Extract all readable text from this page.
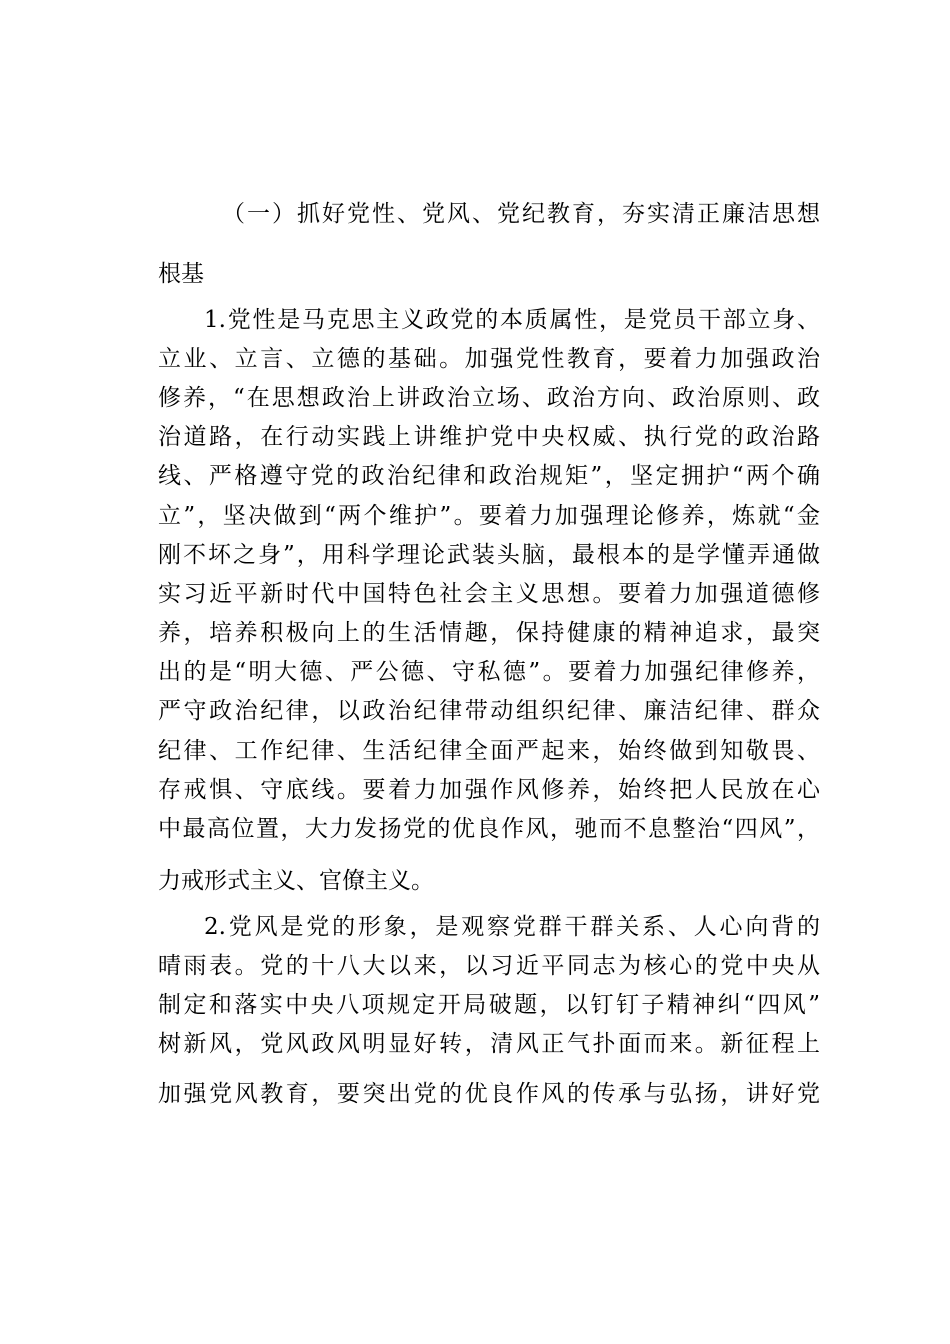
（一）抓好党性、党风、党纪教育，夯实清正廉洁思想
根基
1.党性是马克思主义政党的本质属性，是党员干部立身、
立业、立言、立德的基础。加强党性教育，要着力加强政治
修养，“在思想政治上讲政治立场、政治方向、政治原则、政
治道路，在行动实践上讲维护党中央权威、执行党的政治路
线、严格遵守党的政治纪律和政治规矩”，坚定拥护“两个确
立”，坚决做到“两个维护”。要着力加强理论修养，炼就“金
刚不坏之身”，用科学理论武装头脑，最根本的是学懂弄通做
实习近平新时代中国特色社会主义思想。要着力加强道德修
养，培养积极向上的生活情趣，保持健康的精神追求，最突
出的是“明大德、严公德、守私德”。要着力加强纪律修养，
严守政治纪律，以政治纪律带动组织纪律、廉洁纪律、群众
纪律、工作纪律、生活纪律全面严起来，始终做到知敬畏、
存戒惧、守底线。要着力加强作风修养，始终把人民放在心
中最高位置，大力发扬党的优良作风，驰而不息整治“四风”，
力戒形式主义、官僚主义。
2.党风是党的形象，是观察党群干群关系、人心向背的
晴雨表。党的十八大以来，以习近平同志为核心的党中央从
制定和落实中央八项规定开局破题，以钉钉子精神纠“四风”
树新风，党风政风明显好转，清风正气扑面而来。新征程上
加强党风教育，要突出党的优良作风的传承与弘扬，讲好党
